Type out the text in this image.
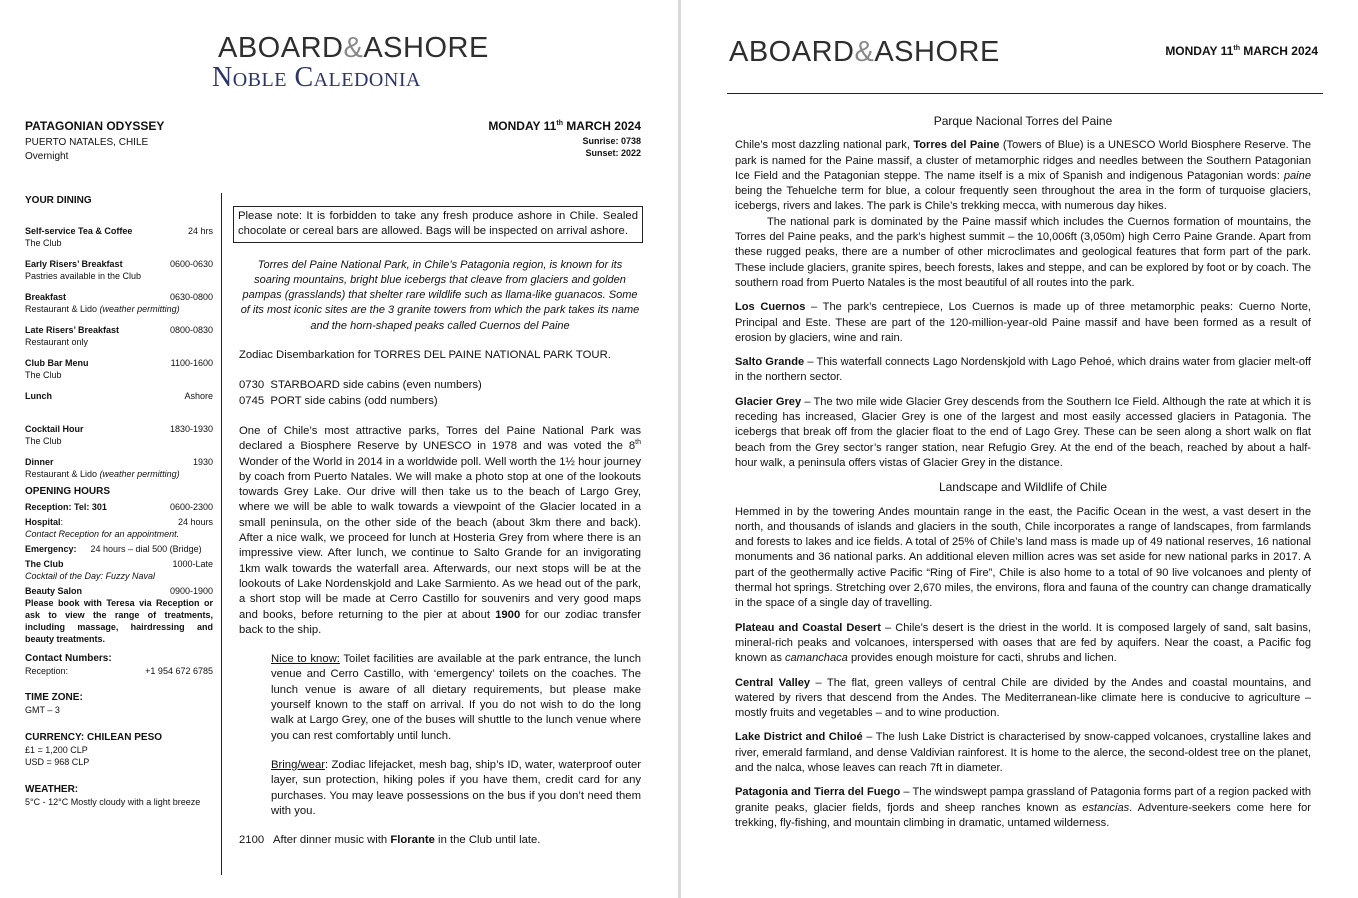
ABOARD&ASHORE
Noble Caledonia
PATAGONIAN ODYSSEY
PUERTO NATALES, CHILE
Overnight
MONDAY 11th MARCH 2024
Sunrise: 0738
Sunset: 2022
YOUR DINING
Self-service Tea & Coffee	24 hrs
The Club
Early Risers’ Breakfast	0600-0630
Pastries available in the Club
Breakfast	0630-0800
Restaurant & Lido (weather permitting)
Late Risers’ Breakfast	0800-0830
Restaurant only
Club Bar Menu	1100-1600
The Club
Lunch	Ashore
Cocktail Hour	1830-1930
The Club
Dinner	1930
Restaurant & Lido (weather permitting)
OPENING HOURS
Reception: Tel: 301	0600-2300
Hospital:	24 hours
Contact Reception for an appointment.
Emergency: 24 hours – dial 500 (Bridge)
The Club	1000-Late
Cocktail of the Day: Fuzzy Naval
Beauty Salon	0900-1900
Please book with Teresa via Reception or ask to view the range of treatments, including massage, hairdressing and beauty treatments.
Contact Numbers:
Reception:	+1 954 672 6785
TIME ZONE:
GMT – 3
CURRENCY: CHILEAN PESO
£1 = 1,200 CLP
USD = 968 CLP
WEATHER:
5°C - 12°C Mostly cloudy with a light breeze
Please note: It is forbidden to take any fresh produce ashore in Chile. Sealed chocolate or cereal bars are allowed. Bags will be inspected on arrival ashore.
Torres del Paine National Park, in Chile’s Patagonia region, is known for its soaring mountains, bright blue icebergs that cleave from glaciers and golden pampas (grasslands) that shelter rare wildlife such as llama-like guanacos. Some of its most iconic sites are the 3 granite towers from which the park takes its name and the horn-shaped peaks called Cuernos del Paine
Zodiac Disembarkation for TORRES DEL PAINE NATIONAL PARK TOUR.
0730 STARBOARD side cabins (even numbers)
0745 PORT side cabins (odd numbers)
One of Chile’s most attractive parks, Torres del Paine National Park was declared a Biosphere Reserve by UNESCO in 1978 and was voted the 8th Wonder of the World in 2014 in a worldwide poll. Well worth the 1½ hour journey by coach from Puerto Natales. We will make a photo stop at one of the lookouts towards Grey Lake. Our drive will then take us to the beach of Largo Grey, where we will be able to walk towards a viewpoint of the Glacier located in a small peninsula, on the other side of the beach (about 3km there and back). After a nice walk, we proceed for lunch at Hosteria Grey from where there is an impressive view. After lunch, we continue to Salto Grande for an invigorating 1km walk towards the waterfall area. Afterwards, our next stops will be at the lookouts of Lake Nordenskjold and Lake Sarmiento. As we head out of the park, a short stop will be made at Cerro Castillo for souvenirs and very good maps and books, before returning to the pier at about 1900 for our zodiac transfer back to the ship.
Nice to know: Toilet facilities are available at the park entrance, the lunch venue and Cerro Castillo, with ‘emergency’ toilets on the coaches. The lunch venue is aware of all dietary requirements, but please make yourself known to the staff on arrival. If you do not wish to do the long walk at Largo Grey, one of the buses will shuttle to the lunch venue where you can rest comfortably until lunch.
Bring/wear: Zodiac lifejacket, mesh bag, ship’s ID, water, waterproof outer layer, sun protection, hiking poles if you have them, credit card for any purchases. You may leave possessions on the bus if you don’t need them with you.
2100 After dinner music with Florante in the Club until late.
ABOARD&ASHORE	MONDAY 11th MARCH 2024
Parque Nacional Torres del Paine
Chile’s most dazzling national park, Torres del Paine (Towers of Blue) is a UNESCO World Biosphere Reserve. The park is named for the Paine massif, a cluster of metamorphic ridges and needles between the Southern Patagonian Ice Field and the Patagonian steppe. The name itself is a mix of Spanish and indigenous Patagonian words: paine being the Tehuelche term for blue, a colour frequently seen throughout the area in the form of turquoise glaciers, icebergs, rivers and lakes. The park is Chile’s trekking mecca, with numerous day hikes.
The national park is dominated by the Paine massif which includes the Cuernos formation of mountains, the Torres del Paine peaks, and the park’s highest summit – the 10,006ft (3,050m) high Cerro Paine Grande. Apart from these rugged peaks, there are a number of other microclimates and geological features that form part of the park. These include glaciers, granite spires, beech forests, lakes and steppe, and can be explored by foot or by coach. The southern road from Puerto Natales is the most beautiful of all routes into the park.
Los Cuernos – The park’s centrepiece, Los Cuernos is made up of three metamorphic peaks: Cuerno Norte, Principal and Este. These are part of the 120-million-year-old Paine massif and have been formed as a result of erosion by glaciers, wine and rain.
Salto Grande – This waterfall connects Lago Nordenskjold with Lago Pehoé, which drains water from glacier melt-off in the northern sector.
Glacier Grey – The two mile wide Glacier Grey descends from the Southern Ice Field. Although the rate at which it is receding has increased, Glacier Grey is one of the largest and most easily accessed glaciers in Patagonia. The icebergs that break off from the glacier float to the end of Lago Grey. These can be seen along a short walk on flat beach from the Grey sector’s ranger station, near Refugio Grey. At the end of the beach, reached by about a half-hour walk, a peninsula offers vistas of Glacier Grey in the distance.
Landscape and Wildlife of Chile
Hemmed in by the towering Andes mountain range in the east, the Pacific Ocean in the west, a vast desert in the north, and thousands of islands and glaciers in the south, Chile incorporates a range of landscapes, from farmlands and forests to lakes and ice fields. A total of 25% of Chile’s land mass is made up of 49 national reserves, 16 national monuments and 36 national parks. An additional eleven million acres was set aside for new national parks in 2017. A part of the geothermally active Pacific “Ring of Fire”, Chile is also home to a total of 90 live volcanoes and plenty of thermal hot springs. Stretching over 2,670 miles, the environs, flora and fauna of the country can change dramatically in the space of a single day of travelling.
Plateau and Coastal Desert – Chile’s desert is the driest in the world. It is composed largely of sand, salt basins, mineral-rich peaks and volcanoes, interspersed with oases that are fed by aquifers. Near the coast, a Pacific fog known as camanchaca provides enough moisture for cacti, shrubs and lichen.
Central Valley – The flat, green valleys of central Chile are divided by the Andes and coastal mountains, and watered by rivers that descend from the Andes. The Mediterranean-like climate here is conducive to agriculture – mostly fruits and vegetables – and to wine production.
Lake District and Chiloé – The lush Lake District is characterised by snow-capped volcanoes, crystalline lakes and river, emerald farmland, and dense Valdivian rainforest. It is home to the alerce, the second-oldest tree on the planet, and the nalca, whose leaves can reach 7ft in diameter.
Patagonia and Tierra del Fuego – The windswept pampa grassland of Patagonia forms part of a region packed with granite peaks, glacier fields, fjords and sheep ranches known as estancias. Adventure-seekers come here for trekking, fly-fishing, and mountain climbing in dramatic, untamed wilderness.
